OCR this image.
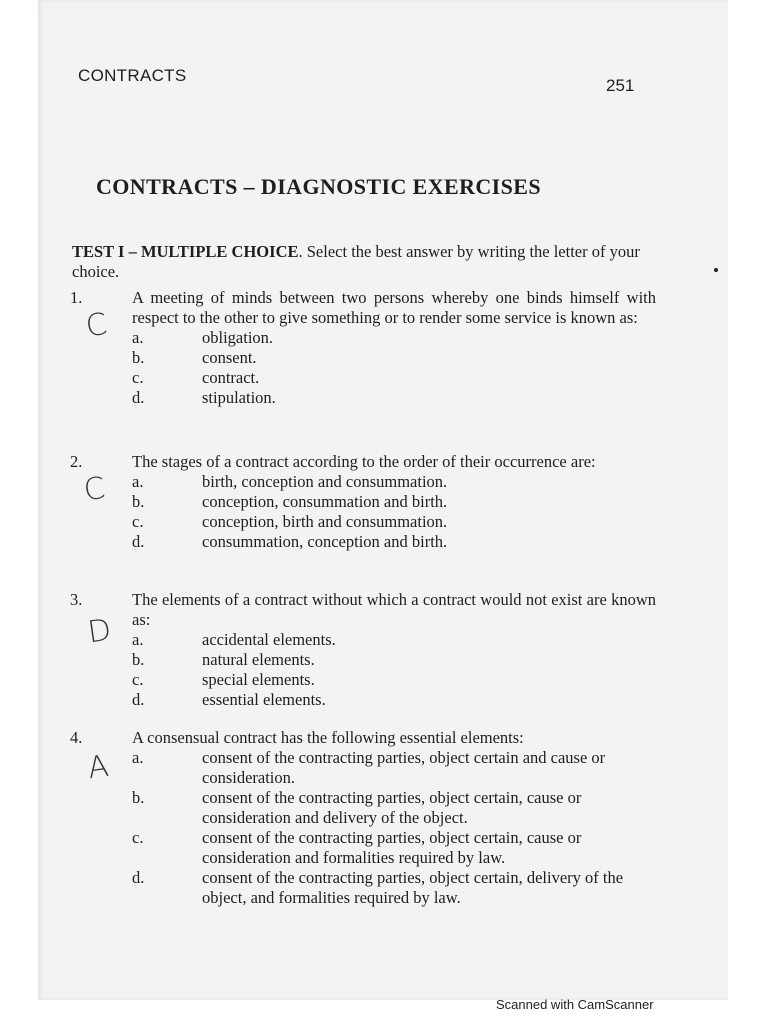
CONTRACTS
251
CONTRACTS – DIAGNOSTIC EXERCISES
TEST I – MULTIPLE CHOICE. Select the best answer by writing the letter of your choice.
1.	A meeting of minds between two persons whereby one binds himself with respect to the other to give something or to render some service is known as:
a.	obligation.
b.	consent.
c.	contract.
d.	stipulation.
2.	The stages of a contract according to the order of their occurrence are:
a.	birth, conception and consummation.
b.	conception, consummation and birth.
c.	conception, birth and consummation.
d.	consummation, conception and birth.
3.	The elements of a contract without which a contract would not exist are known as:
a.	accidental elements.
b.	natural elements.
c.	special elements.
d.	essential elements.
4.	A consensual contract has the following essential elements:
a.	consent of the contracting parties, object certain and cause or consideration.
b.	consent of the contracting parties, object certain, cause or consideration and delivery of the object.
c.	consent of the contracting parties, object certain, cause or consideration and formalities required by law.
d.	consent of the contracting parties, object certain, delivery of the object, and formalities required by law.
C
C
D
A
Scanned with CamScanner
